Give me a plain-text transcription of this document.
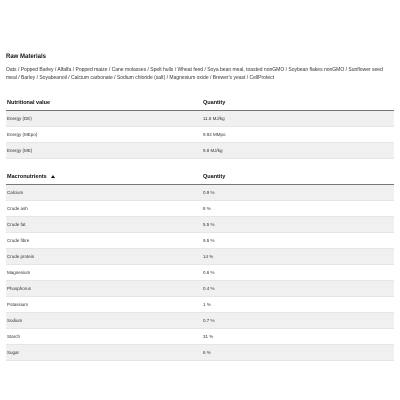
Raw Materials
Oats / Popped Barley / Alfalfa / Popped maize / Cane molasses / Spelt hulls / Wheat feed / Soya bean meal, toasted nonGMO / Soybean flakes nonGMO / Sunflower seed meal / Barley / Soyabeanoil / Calcium carbonate / Sodium chloride (salt) / Magnesium oxide / Brewer's yeast / CellProtect
Nutritional value	Quantity
Energy (DE)	11.5 MJ/kg
Energy (MEpo)	9.92 MMpo
Energy (ME)	9.8 MJ/kg
Macronutrients	Quantity
Calcium	0.9 %
Crude ash	8 %
Crude fat	5.5 %
Crude fibre	9.5 %
Crude protein	14 %
Magnesium	0.6 %
Phosphorus	0.4 %
Potassium	1 %
Sodium	0.7 %
Starch	31 %
Sugar	6 %
